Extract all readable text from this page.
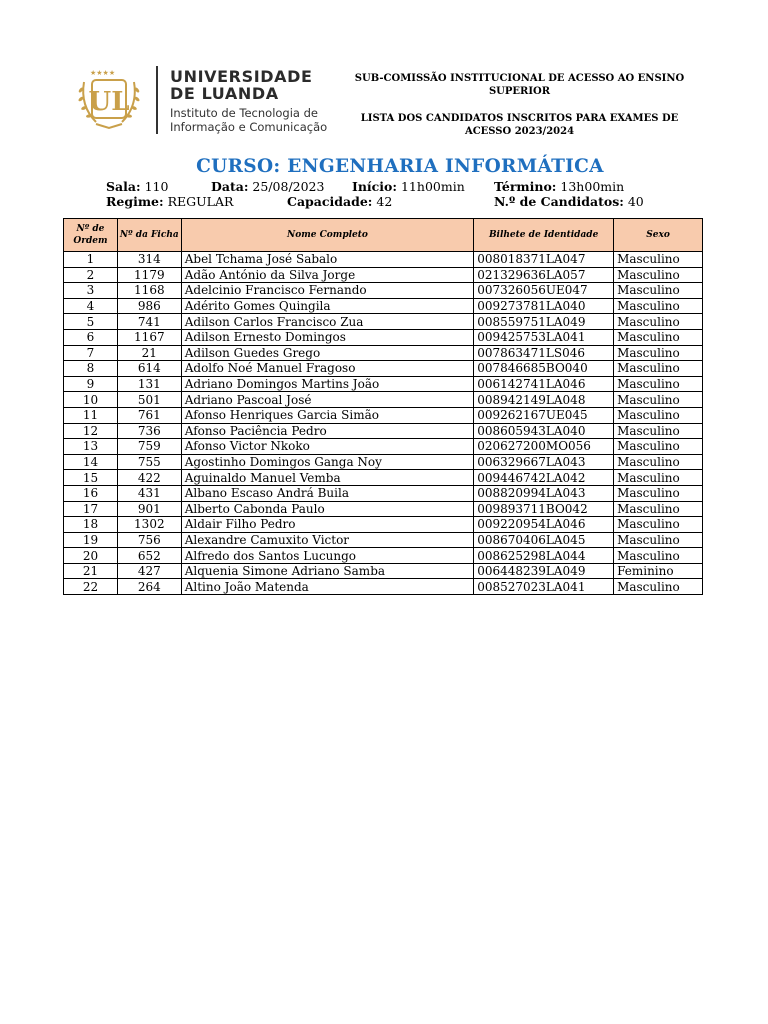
★★★★
UL
UNIVERSIDADE
DE LUANDA
Instituto de Tecnologia de
Informação e Comunicação
SUB-COMISSÃO INSTITUCIONAL DE ACESSO AO ENSINO SUPERIOR
LISTA DOS CANDIDATOS INSCRITOS PARA EXAMES DE ACESSO 2023/2024
CURSO: ENGENHARIA INFORMÁTICA
Sala: 110	Data: 25/08/2023 Início: 11h00min Término: 13h00min
Regime: REGULAR	Capacidade: 42	N.º de Candidatos: 40
Nº de Ordem	Nº da Ficha	Nome Completo	Bilhete de Identidade	Sexo
1	314	Abel Tchama José Sabalo	008018371LA047	Masculino
2	1179	Adão António da Silva Jorge	021329636LA057	Masculino
3	1168	Adelcinio Francisco Fernando	007326056UE047	Masculino
4	986	Adérito Gomes Quingila	009273781LA040	Masculino
5	741	Adilson Carlos Francisco Zua	008559751LA049	Masculino
6	1167	Adilson Ernesto Domingos	009425753LA041	Masculino
7	21	Adilson Guedes Grego	007863471LS046	Masculino
8	614	Adolfo Noé Manuel Fragoso	007846685BO040	Masculino
9	131	Adriano Domingos Martins João	006142741LA046	Masculino
10	501	Adriano Pascoal José	008942149LA048	Masculino
11	761	Afonso Henriques Garcia Simão	009262167UE045	Masculino
12	736	Afonso Paciência Pedro	008605943LA040	Masculino
13	759	Afonso Victor Nkoko	020627200MO056	Masculino
14	755	Agostinho Domingos Ganga Noy	006329667LA043	Masculino
15	422	Aguinaldo Manuel Vemba	009446742LA042	Masculino
16	431	Albano Escaso Andrá Buila	008820994LA043	Masculino
17	901	Alberto Cabonda Paulo	009893711BO042	Masculino
18	1302	Aldair Filho Pedro	009220954LA046	Masculino
19	756	Alexandre Camuxito Victor	008670406LA045	Masculino
20	652	Alfredo dos Santos Lucungo	008625298LA044	Masculino
21	427	Alquenia Simone Adriano Samba	006448239LA049	Feminino
22	264	Altino João Matenda	008527023LA041	Masculino
